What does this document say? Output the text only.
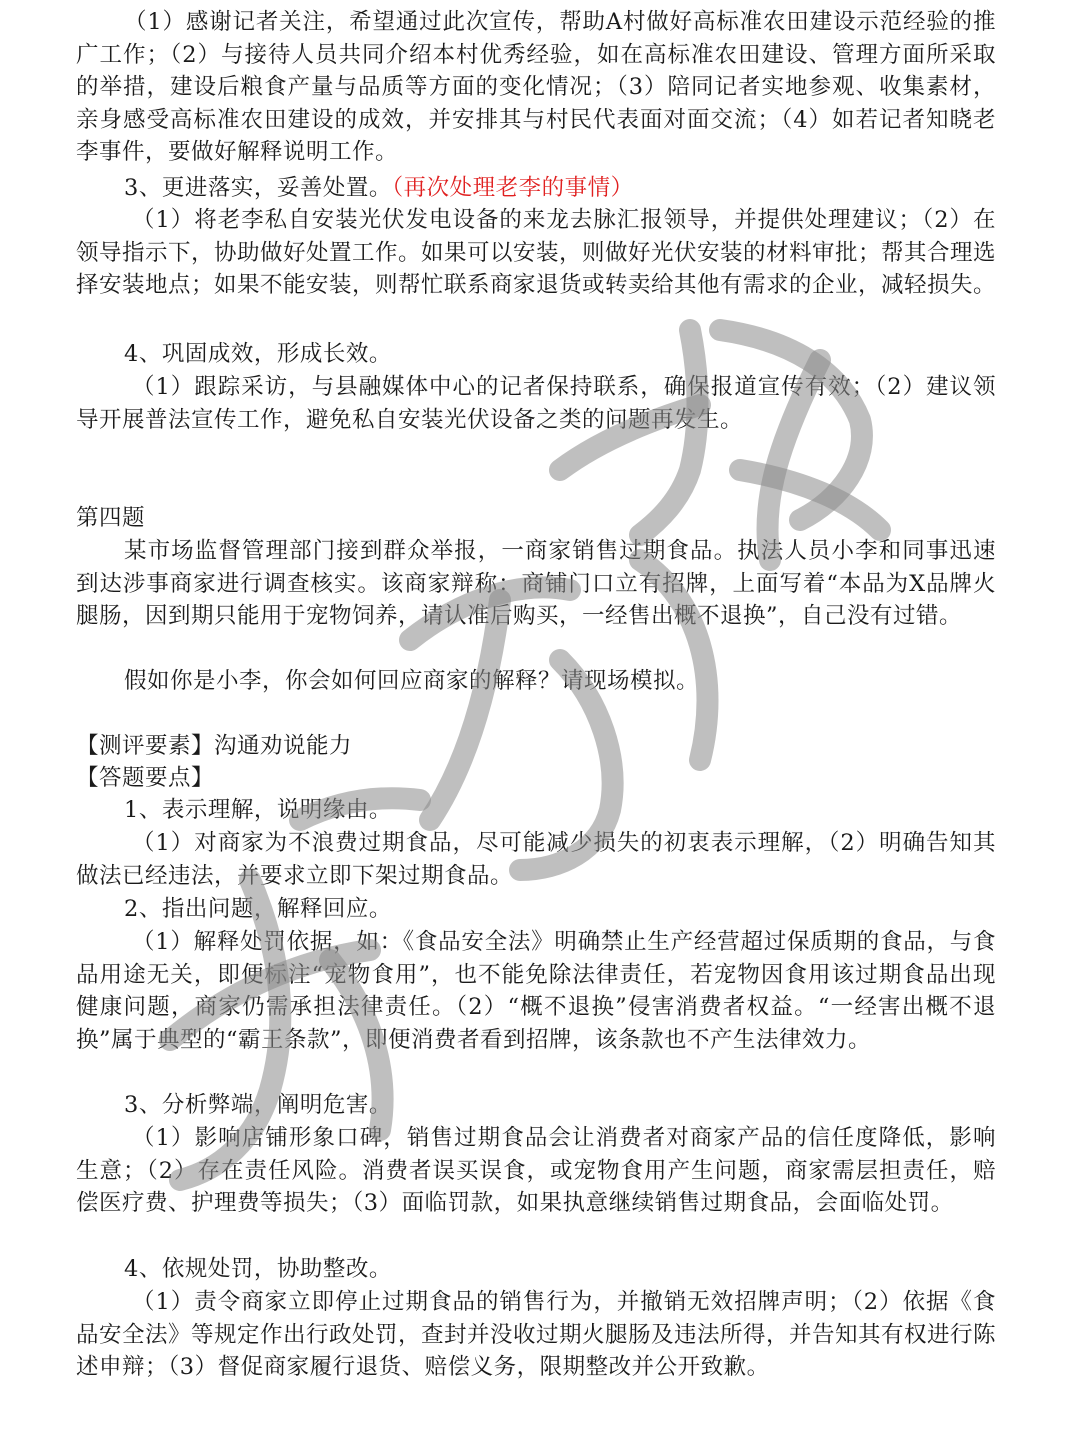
（1）感谢记者关注，希望通过此次宣传，帮助A村做好高标准农田建设示范经验的推广工作；（2）与接待人员共同介绍本村优秀经验，如在高标准农田建设、管理方面所采取的举措，建设后粮食产量与品质等方面的变化情况；（3）陪同记者实地参观、收集素材，亲身感受高标准农田建设的成效，并安排其与村民代表面对面交流；（4）如若记者知晓老李事件，要做好解释说明工作。

3、更进落实，妥善处置。（再次处理老李的事情）

（1）将老李私自安装光伏发电设备的来龙去脉汇报领导，并提供处理建议；（2）在领导指示下，协助做好处置工作。如果可以安装，则做好光伏安装的材料审批；帮其合理选择安装地点；如果不能安装，则帮忙联系商家退货或转卖给其他有需求的企业，减轻损失。

4、巩固成效，形成长效。

（1）跟踪采访，与县融媒体中心的记者保持联系，确保报道宣传有效；（2）建议领导开展普法宣传工作，避免私自安装光伏设备之类的问题再发生。

第四题

某市场监督管理部门接到群众举报，一商家销售过期食品。执法人员小李和同事迅速到达涉事商家进行调查核实。该商家辩称：商铺门口立有招牌，上面写着“本品为X品牌火腿肠，因到期只能用于宠物饲养，请认准后购买，一经售出概不退换”，自己没有过错。

假如你是小李，你会如何回应商家的解释？请现场模拟。

【测评要素】沟通劝说能力

【答题要点】

1、表示理解，说明缘由。

（1）对商家为不浪费过期食品，尽可能减少损失的初衷表示理解，（2）明确告知其做法已经违法，并要求立即下架过期食品。

2、指出问题，解释回应。

（1）解释处罚依据，如：《食品安全法》明确禁止生产经营超过保质期的食品，与食品用途无关，即便标注“宠物食用”，也不能免除法律责任，若宠物因食用该过期食品出现健康问题，商家仍需承担法律责任。（2）“概不退换”侵害消费者权益。“一经害出概不退换”属于典型的“霸王条款”，即便消费者看到招牌，该条款也不产生法律效力。

3、分析弊端，阐明危害。

（1）影响店铺形象口碑，销售过期食品会让消费者对商家产品的信任度降低，影响生意；（2）存在责任风险。消费者误买误食，或宠物食用产生问题，商家需层担责任，赔偿医疗费、护理费等损失；（3）面临罚款，如果执意继续销售过期食品，会面临处罚。

4、依规处罚，协助整改。

（1）责令商家立即停止过期食品的销售行为，并撤销无效招牌声明；（2）依据《食品安全法》等规定作出行政处罚，查封并没收过期火腿肠及违法所得，并告知其有权进行陈述申辩；（3）督促商家履行退货、赔偿义务，限期整改并公开致歉。
